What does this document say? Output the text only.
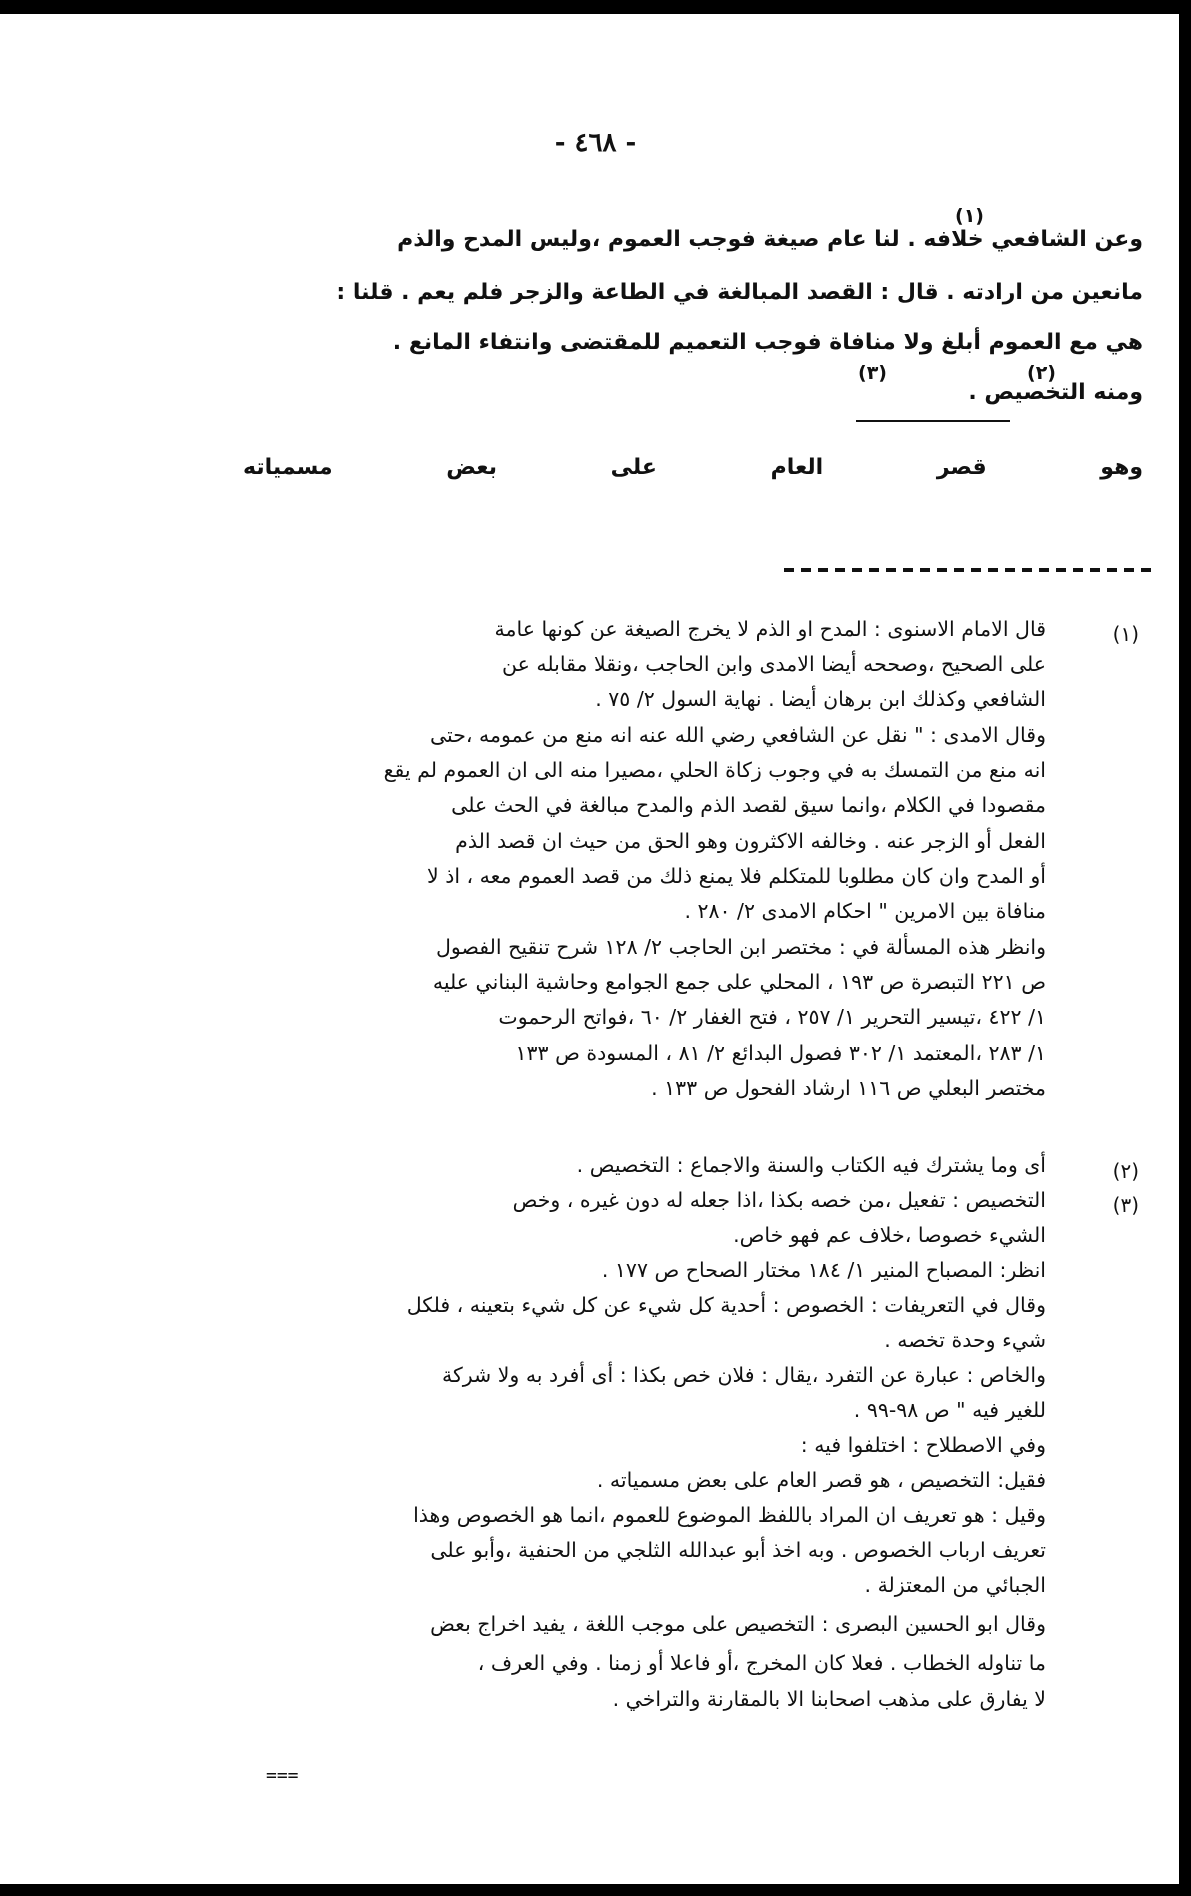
- ٤٦٨ -
وعن الشافعي خلافه . لنا عام صيغة فوجب العموم ،وليس المدح والذم
مانعين من ارادته . قال : القصد المبالغة في الطاعة والزجر فلم يعم . قلنا :
هي مع العموم أبلغ ولا منافاة فوجب التعميم للمقتضى وانتفاء المانع .
ومنه التخصيص .
(١)
(٢)
(٣)
وهو قصر العام على بعض مسمياته
(١)
(٢)
(٣)
قال الامام الاسنوى : المدح او الذم لا يخرج الصيغة عن كونها عامة
على الصحيح ،وصححه أيضا الامدى وابن الحاجب ،ونقلا مقابله عن
الشافعي وكذلك ابن برهان أيضا . نهاية السول ٢/ ٧٥ .
وقال الامدى : " نقل عن الشافعي رضي الله عنه انه منع من عمومه ،حتى
انه منع من التمسك به في وجوب زكاة الحلي ،مصيرا منه الى ان العموم لم يقع
مقصودا في الكلام ،وانما سيق لقصد الذم والمدح مبالغة في الحث على
الفعل أو الزجر عنه . وخالفه الاكثرون وهو الحق من حيث ان قصد الذم
أو المدح وان كان مطلوبا للمتكلم فلا يمنع ذلك من قصد العموم معه ، اذ لا
منافاة بين الامرين " احكام الامدى ٢/ ٢٨٠ .
وانظر هذه المسألة في : مختصر ابن الحاجب ٢/ ١٢٨ شرح تنقيح الفصول
ص ٢٢١ التبصرة ص ١٩٣ ، المحلي على جمع الجوامع وحاشية البناني عليه
١/ ٤٢٢ ،تيسير التحرير ١/ ٢٥٧ ، فتح الغفار ٢/ ٦٠ ،فواتح الرحموت
١/ ٢٨٣ ،المعتمد ١/ ٣٠٢ فصول البدائع ٢/ ٨١ ، المسودة ص ١٣٣
مختصر البعلي ص ١١٦ ارشاد الفحول ص ١٣٣ .
أى وما يشترك فيه الكتاب والسنة والاجماع : التخصيص .
التخصيص : تفعيل ،من خصه بكذا ،اذا جعله له دون غيره ، وخص
الشيء خصوصا ،خلاف عم فهو خاص.
انظر: المصباح المنير ١/ ١٨٤ مختار الصحاح ص ١٧٧ .
وقال في التعريفات : الخصوص : أحدية كل شيء عن كل شيء بتعينه ، فلكل
شيء وحدة تخصه .
والخاص : عبارة عن التفرد ،يقال : فلان خص بكذا : أى أفرد به ولا شركة
للغير فيه " ص ٩٨-٩٩ .
وفي الاصطلاح : اختلفوا فيه :
فقيل: التخصيص ، هو قصر العام على بعض مسمياته .
وقيل : هو تعريف ان المراد باللفظ الموضوع للعموم ،انما هو الخصوص وهذا
تعريف ارباب الخصوص . وبه اخذ أبو عبدالله الثلجي من الحنفية ،وأبو على
الجبائي من المعتزلة .
وقال ابو الحسين البصرى : التخصيص على موجب اللغة ، يفيد اخراج بعض
ما تناوله الخطاب . فعلا كان المخرج ،أو فاعلا أو زمنا . وفي العرف ،
لا يفارق على مذهب اصحابنا الا بالمقارنة والتراخي .
===
